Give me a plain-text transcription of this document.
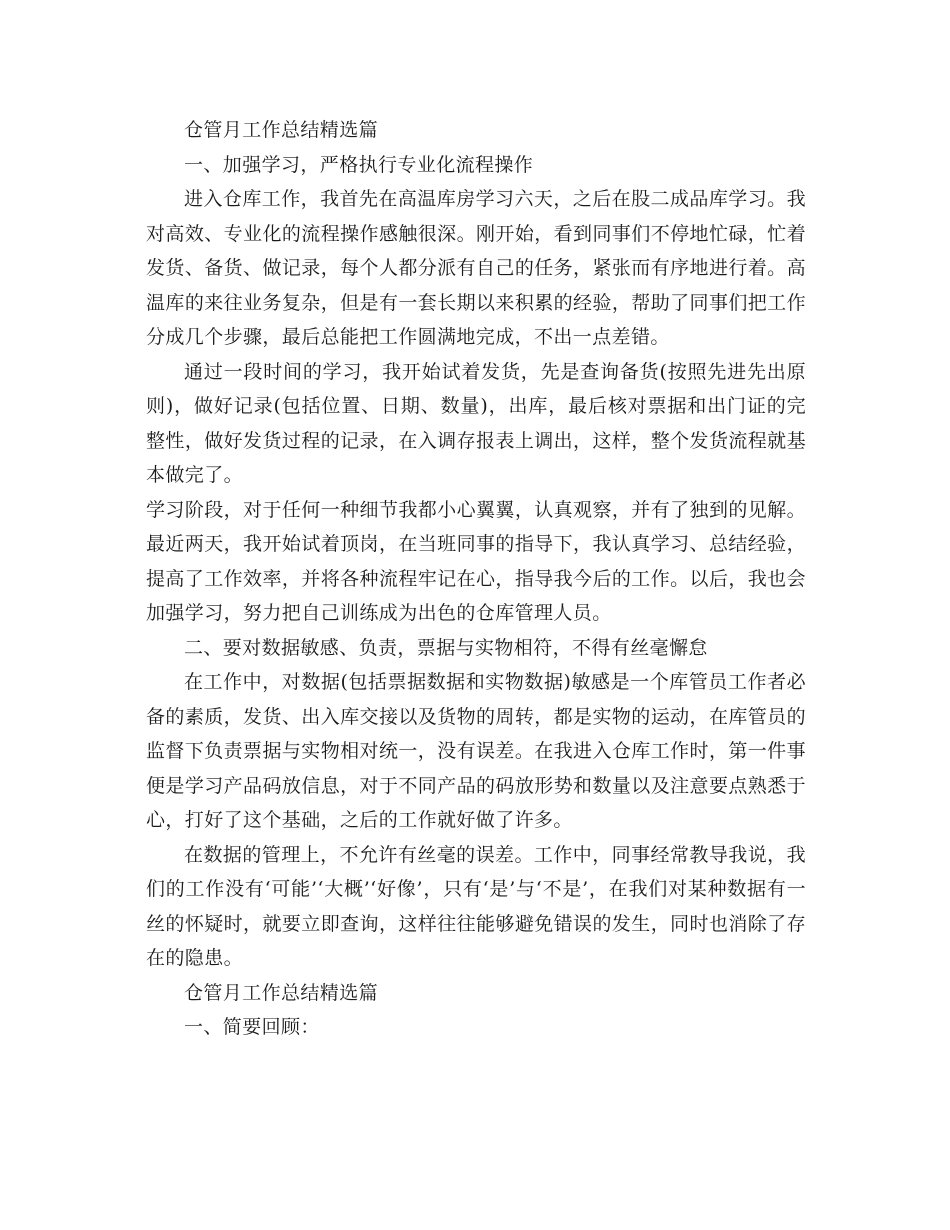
仓管月工作总结精选篇

一、加强学习，严格执行专业化流程操作

进入仓库工作，我首先在高温库房学习六天，之后在股二成品库学习。我对高效、专业化的流程操作感触很深。刚开始，看到同事们不停地忙碌，忙着发货、备货、做记录，每个人都分派有自己的任务，紧张而有序地进行着。高温库的来往业务复杂，但是有一套长期以来积累的经验，帮助了同事们把工作分成几个步骤，最后总能把工作圆满地完成，不出一点差错。

通过一段时间的学习，我开始试着发货，先是查询备货(按照先进先出原则)，做好记录(包括位置、日期、数量)，出库，最后核对票据和出门证的完整性，做好发货过程的记录，在入调存报表上调出，这样，整个发货流程就基本做完了。

学习阶段，对于任何一种细节我都小心翼翼，认真观察，并有了独到的见解。最近两天，我开始试着顶岗，在当班同事的指导下，我认真学习、总结经验，提高了工作效率，并将各种流程牢记在心，指导我今后的工作。以后，我也会加强学习，努力把自己训练成为出色的仓库管理人员。

二、要对数据敏感、负责，票据与实物相符，不得有丝毫懈怠

在工作中，对数据(包括票据数据和实物数据)敏感是一个库管员工作者必备的素质，发货、出入库交接以及货物的周转，都是实物的运动，在库管员的监督下负责票据与实物相对统一，没有误差。在我进入仓库工作时，第一件事便是学习产品码放信息，对于不同产品的码放形势和数量以及注意要点熟悉于心，打好了这个基础，之后的工作就好做了许多。

在数据的管理上，不允许有丝毫的误差。工作中，同事经常教导我说，我们的工作没有‘可能’‘大概’‘好像’，只有‘是’与‘不是’，在我们对某种数据有一丝的怀疑时，就要立即查询，这样往往能够避免错误的发生，同时也消除了存在的隐患。

仓管月工作总结精选篇

一、简要回顾：
